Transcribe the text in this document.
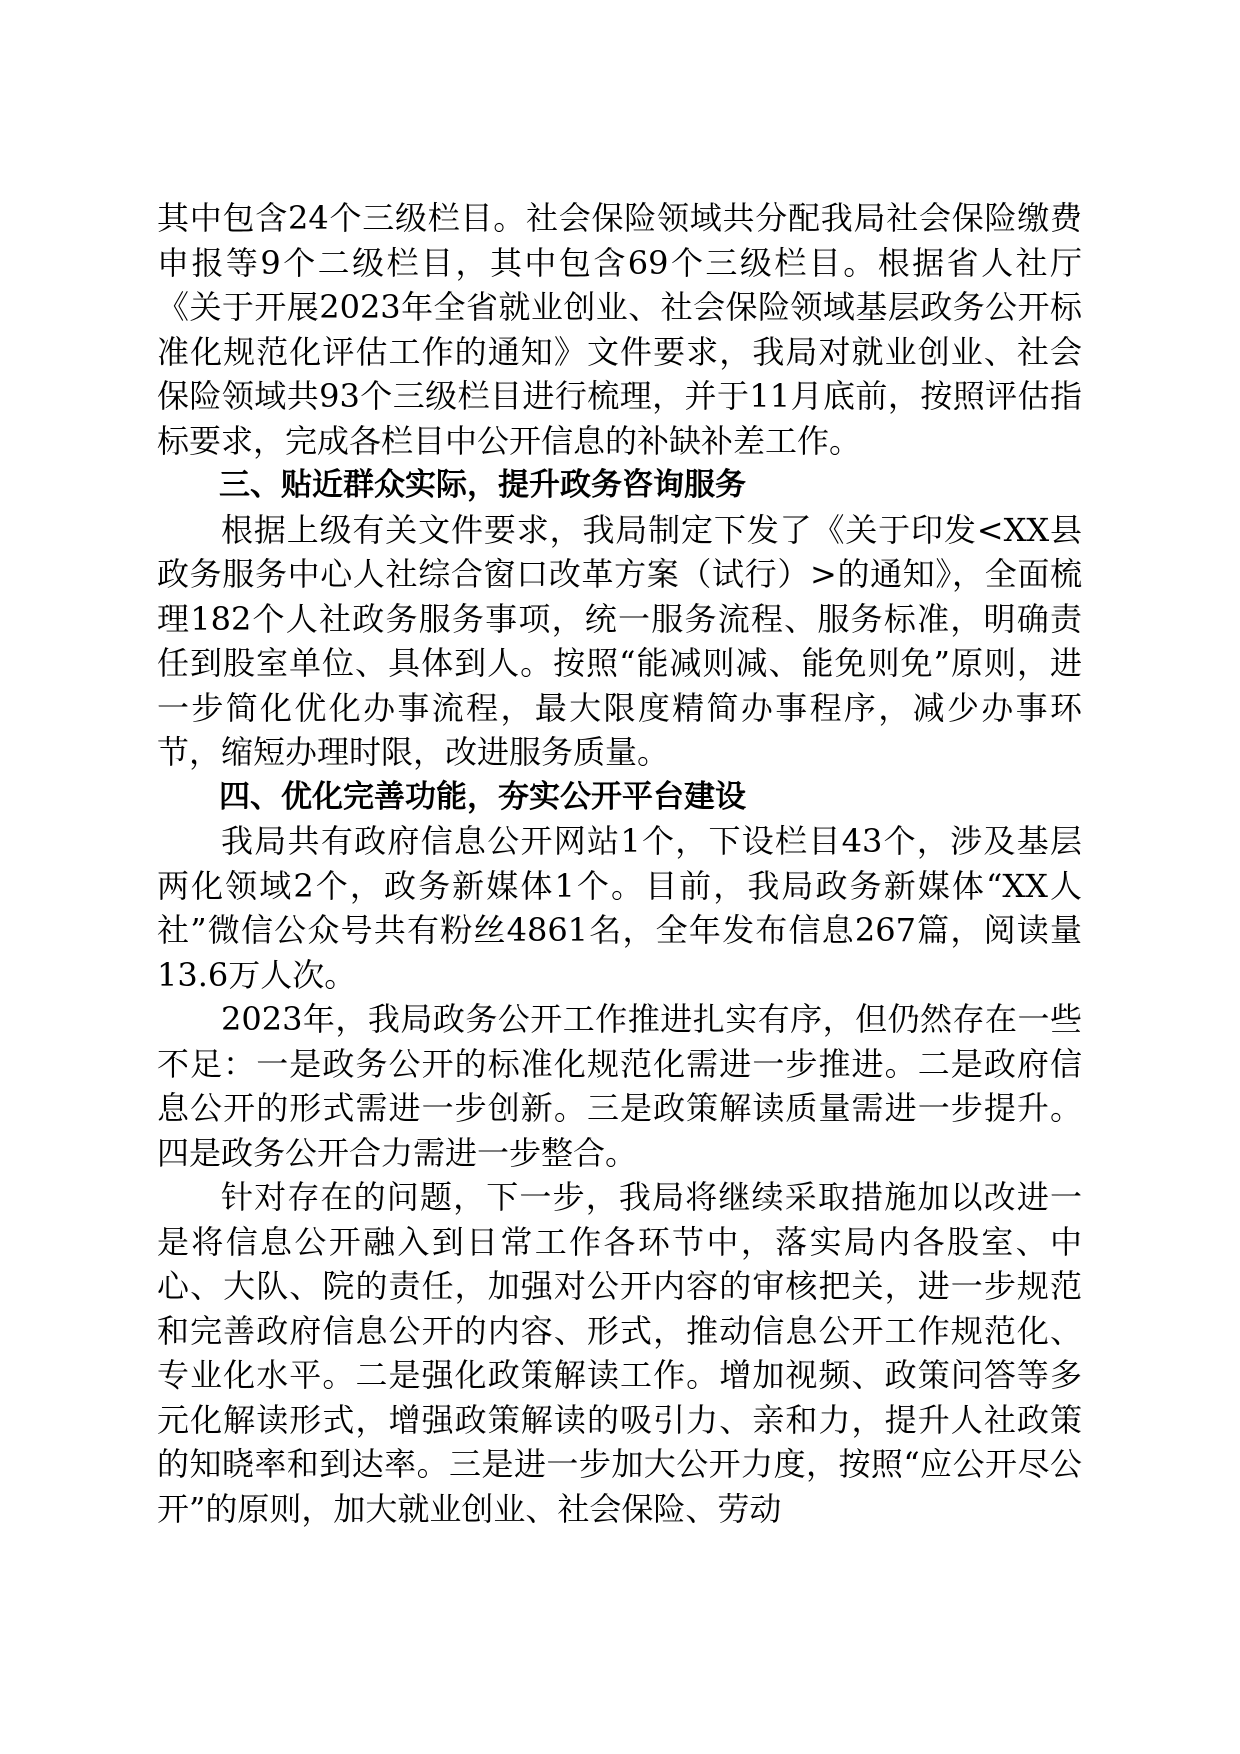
其中包含24个三级栏目。社会保险领域共分配我局社会保险缴费申报等9个二级栏目，其中包含69个三级栏目。根据省人社厅《关于开展2023年全省就业创业、社会保险领域基层政务公开标准化规范化评估工作的通知》文件要求，我局对就业创业、社会保险领域共93个三级栏目进行梳理，并于11月底前，按照评估指标要求，完成各栏目中公开信息的补缺补差工作。

三、贴近群众实际，提升政务咨询服务

根据上级有关文件要求，我局制定下发了《关于印发<XX县政务服务中心人社综合窗口改革方案（试行）>的通知》，全面梳理182个人社政务服务事项，统一服务流程、服务标准，明确责任到股室单位、具体到人。按照“能减则减、能免则免”原则，进一步简化优化办事流程，最大限度精简办事程序，减少办事环节，缩短办理时限，改进服务质量。

四、优化完善功能，夯实公开平台建设

我局共有政府信息公开网站1个，下设栏目43个，涉及基层两化领域2个，政务新媒体1个。目前，我局政务新媒体“XX人社”微信公众号共有粉丝4861名，全年发布信息267篇，阅读量13.6万人次。

2023年，我局政务公开工作推进扎实有序，但仍然存在一些不足：一是政务公开的标准化规范化需进一步推进。二是政府信息公开的形式需进一步创新。三是政策解读质量需进一步提升。四是政务公开合力需进一步整合。

针对存在的问题，下一步，我局将继续采取措施加以改进一是将信息公开融入到日常工作各环节中，落实局内各股室、中心、大队、院的责任，加强对公开内容的审核把关，进一步规范和完善政府信息公开的内容、形式，推动信息公开工作规范化、专业化水平。二是强化政策解读工作。增加视频、政策问答等多元化解读形式，增强政策解读的吸引力、亲和力，提升人社政策的知晓率和到达率。三是进一步加大公开力度，按照“应公开尽公开”的原则，加大就业创业、社会保险、劳动
